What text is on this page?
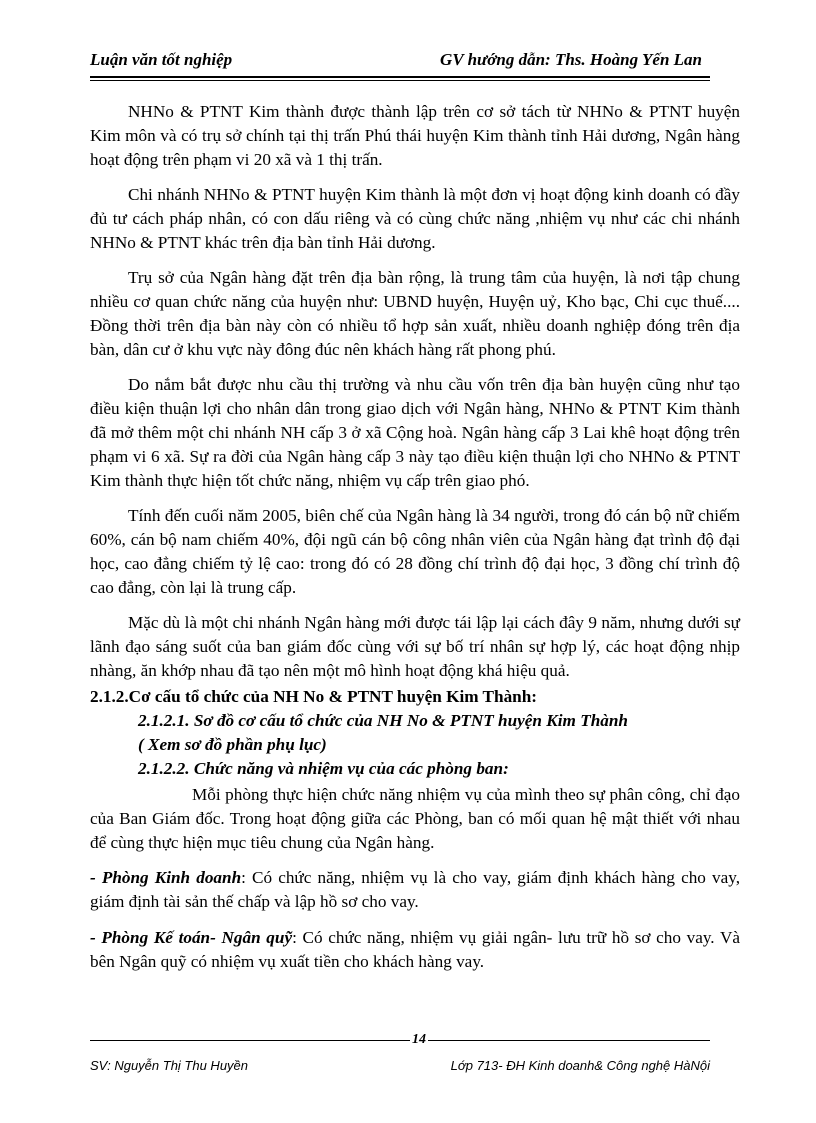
Luận văn tốt nghiệp	GV hướng dẫn: Ths. Hoàng Yến Lan

NHNo & PTNT Kim thành được thành lập trên cơ sở tách từ NHNo & PTNT huyện Kim môn và có trụ sở chính tại thị trấn Phú thái huyện Kim thành tỉnh Hải dương, Ngân hàng hoạt động trên phạm vi 20 xã và 1 thị trấn.

Chi nhánh NHNo & PTNT huyện Kim thành là một đơn vị hoạt động kinh doanh có đầy đủ tư cách pháp nhân, có con dấu riêng và có cùng chức năng ,nhiệm vụ như các chi nhánh NHNo & PTNT khác trên địa bàn tỉnh Hải dương.

Trụ sở của Ngân hàng đặt trên địa bàn rộng, là trung tâm của huyện, là nơi tập chung nhiều cơ quan chức năng của huyện như: UBND huyện, Huyện uỷ, Kho bạc, Chi cục thuế.... Đồng thời trên địa bàn này còn có nhiều tổ hợp sản xuất, nhiều doanh nghiệp đóng trên địa bàn, dân cư ở khu vực này đông đúc nên khách hàng rất phong phú.

Do nắm bắt được nhu cầu thị trường và nhu cầu vốn trên địa bàn huyện cũng như tạo điều kiện thuận lợi cho nhân dân trong giao dịch với Ngân hàng, NHNo & PTNT Kim thành đã mở thêm một chi nhánh NH cấp 3 ở xã Cộng hoà. Ngân hàng cấp 3 Lai khê hoạt động trên phạm vi 6 xã. Sự ra đời của Ngân hàng cấp 3 này tạo điều kiện thuận lợi cho NHNo & PTNT Kim thành thực hiện tốt chức năng, nhiệm vụ cấp trên giao phó.

Tính đến cuối năm 2005, biên chế của Ngân hàng là 34 người, trong đó cán bộ nữ chiếm 60%, cán bộ nam chiếm 40%, đội ngũ cán bộ công nhân viên của Ngân hàng đạt trình độ đại học, cao đẳng chiếm tỷ lệ cao: trong đó có 28 đồng chí trình độ đại học, 3 đồng chí trình độ cao đẳng, còn lại là trung cấp.

Mặc dù là một chi nhánh Ngân hàng mới được tái lập lại cách đây 9 năm, nhưng dưới sự lãnh đạo sáng suốt của ban giám đốc cùng với sự bố trí nhân sự hợp lý, các hoạt động nhịp nhàng, ăn khớp nhau đã tạo nên một mô hình hoạt động khá hiệu quả.

2.1.2.Cơ cấu tổ chức của NH No & PTNT huyện Kim Thành:
2.1.2.1. Sơ đồ cơ cấu tổ chức của NH No & PTNT huyện Kim Thành
( Xem sơ đồ phần phụ lục)
2.1.2.2. Chức năng và nhiệm vụ của các phòng ban:

Mỗi phòng thực hiện chức năng nhiệm vụ của mình theo sự phân công, chỉ đạo của Ban Giám đốc. Trong hoạt động giữa các Phòng, ban có mối quan hệ mật thiết với nhau để cùng thực hiện mục tiêu chung của Ngân hàng.

- Phòng Kinh doanh: Có chức năng, nhiệm vụ là cho vay, giám định khách hàng cho vay, giám định tài sản thế chấp và lập hồ sơ cho vay.

- Phòng Kế toán- Ngân quỹ: Có chức năng, nhiệm vụ giải ngân- lưu trữ hồ sơ cho vay. Và bên Ngân quỹ có nhiệm vụ xuất tiền cho khách hàng vay.

14
SV: Nguyễn Thị Thu Huyền	Lớp 713- ĐH Kinh doanh& Công nghệ HàNội
